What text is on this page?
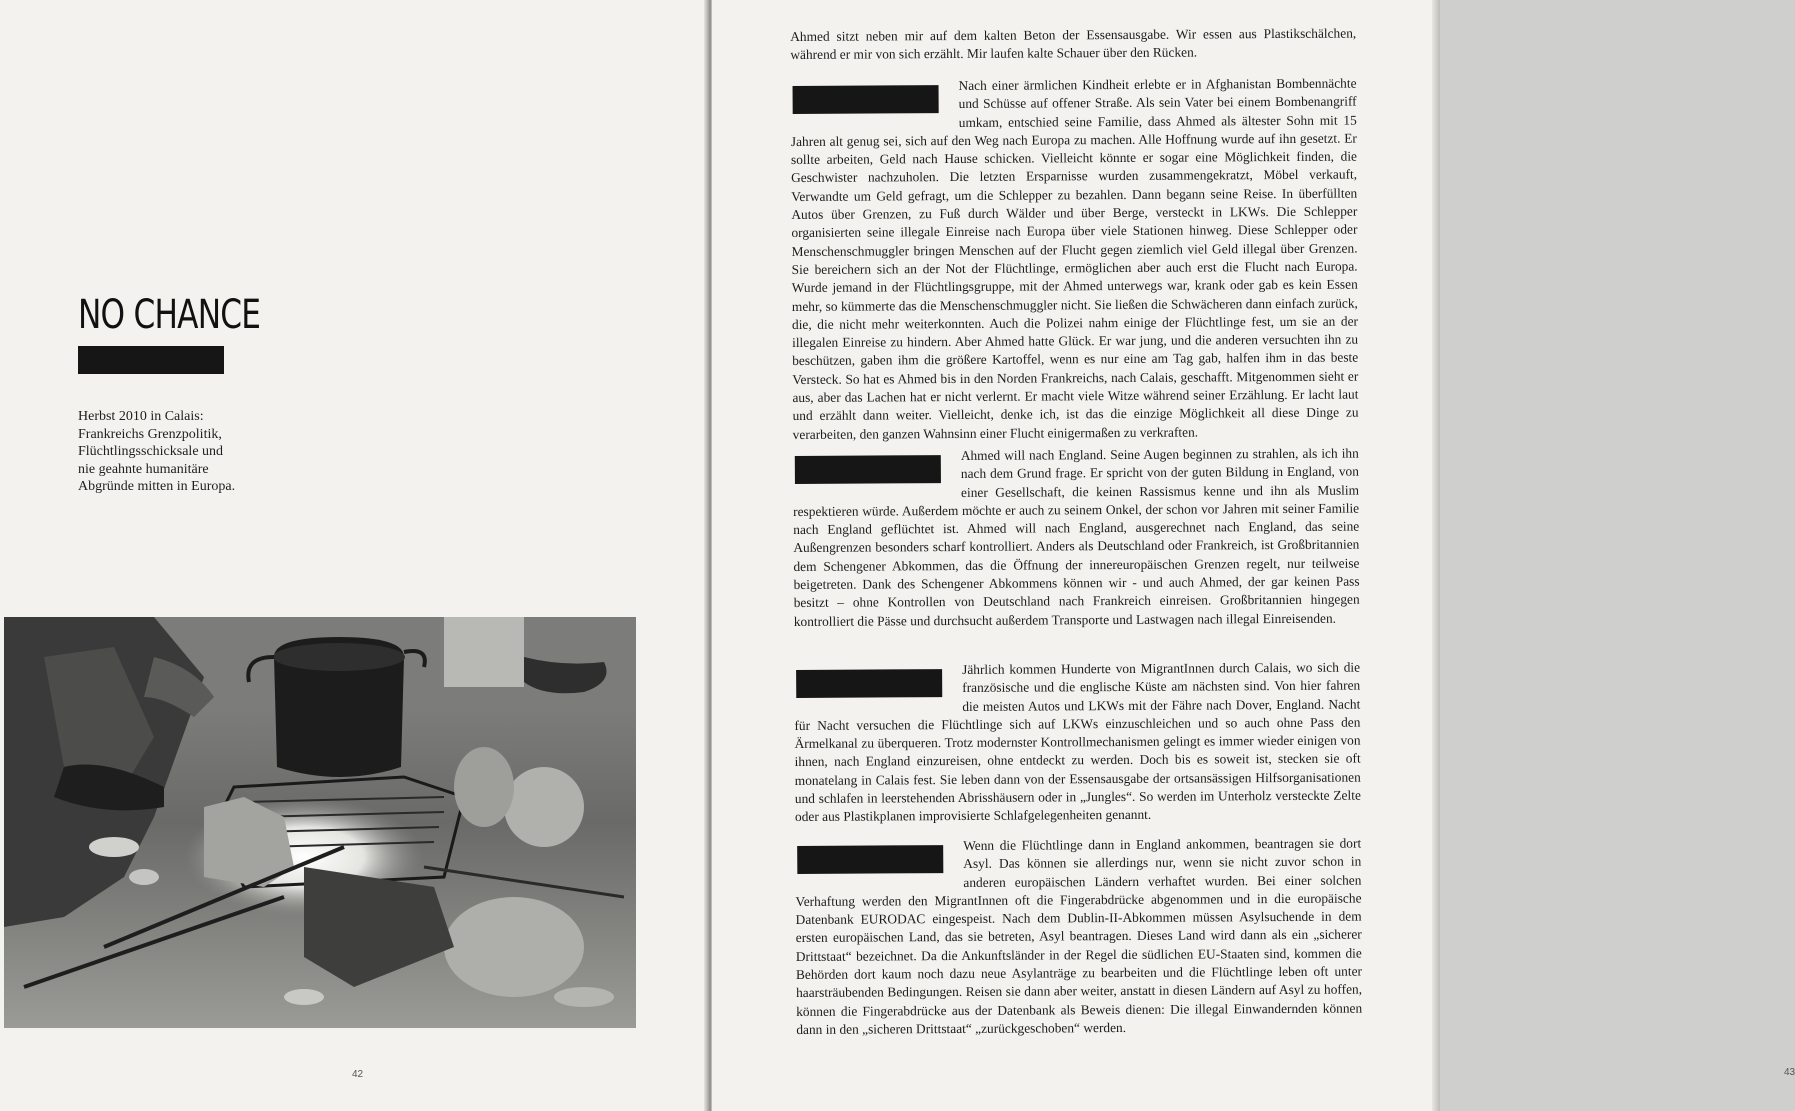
NO CHANCE
Herbst 2010 in Calais: Frankreichs Grenzpolitik, Flüchtlingsschicksale und nie geahnte humanitäre Abgründe mitten in Europa.
42	43

Ahmed sitzt neben mir auf dem kalten Beton der Essensausgabe. Wir essen aus Plastikschälchen, während er mir von sich erzählt. Mir laufen kalte Schauer über den Rücken.

Nach einer ärmlichen Kindheit erlebte er in Afghanistan Bombennächte und Schüsse auf offener Straße. Als sein Vater bei einem Bombenangriff umkam, entschied seine Familie, dass Ahmed als ältester Sohn mit 15 Jahren alt genug sei, sich auf den Weg nach Europa zu machen. Alle Hoffnung wurde auf ihn gesetzt. Er sollte arbeiten, Geld nach Hause schicken. Vielleicht könnte er sogar eine Möglichkeit finden, die Geschwister nachzuholen. Die letzten Ersparnisse wurden zusammengekratzt, Möbel verkauft, Verwandte um Geld gefragt, um die Schlepper zu bezahlen. Dann begann seine Reise. In überfüllten Autos über Grenzen, zu Fuß durch Wälder und über Berge, versteckt in LKWs. Die Schlepper organisierten seine illegale Einreise nach Europa über viele Stationen hinweg. Diese Schlepper oder Menschenschmuggler bringen Menschen auf der Flucht gegen ziemlich viel Geld illegal über Grenzen. Sie bereichern sich an der Not der Flüchtlinge, ermöglichen aber auch erst die Flucht nach Europa. Wurde jemand in der Flüchtlingsgruppe, mit der Ahmed unterwegs war, krank oder gab es kein Essen mehr, so kümmerte das die Menschenschmuggler nicht. Sie ließen die Schwächeren dann einfach zurück, die, die nicht mehr weiterkonnten. Auch die Polizei nahm einige der Flüchtlinge fest, um sie an der illegalen Einreise zu hindern. Aber Ahmed hatte Glück. Er war jung, und die anderen versuchten ihn zu beschützen, gaben ihm die größere Kartoffel, wenn es nur eine am Tag gab, halfen ihm in das beste Versteck. So hat es Ahmed bis in den Norden Frankreichs, nach Calais, geschafft. Mitgenommen sieht er aus, aber das Lachen hat er nicht verlernt. Er macht viele Witze während seiner Erzählung. Er lacht laut und erzählt dann weiter. Vielleicht, denke ich, ist das die einzige Möglichkeit all diese Dinge zu verarbeiten, den ganzen Wahnsinn einer Flucht einigermaßen zu verkraften.

Ahmed will nach England. Seine Augen beginnen zu strahlen, als ich ihn nach dem Grund frage. Er spricht von der guten Bildung in England, von einer Gesellschaft, die keinen Rassismus kenne und ihn als Muslim respektieren würde. Außerdem möchte er auch zu seinem Onkel, der schon vor Jahren mit seiner Familie nach England geflüchtet ist. Ahmed will nach England, ausgerechnet nach England, das seine Außengrenzen besonders scharf kontrolliert. Anders als Deutschland oder Frankreich, ist Großbritannien dem Schengener Abkommen, das die Öffnung der innereuropäischen Grenzen regelt, nur teilweise beigetreten. Dank des Schengener Abkommens können wir - und auch Ahmed, der gar keinen Pass besitzt – ohne Kontrollen von Deutschland nach Frankreich einreisen. Großbritannien hingegen kontrolliert die Pässe und durchsucht außerdem Transporte und Lastwagen nach illegal Einreisenden.

Jährlich kommen Hunderte von MigrantInnen durch Calais, wo sich die französische und die englische Küste am nächsten sind. Von hier fahren die meisten Autos und LKWs mit der Fähre nach Dover, England. Nacht für Nacht versuchen die Flüchtlinge sich auf LKWs einzuschleichen und so auch ohne Pass den Ärmelkanal zu überqueren. Trotz modernster Kontrollmechanismen gelingt es immer wieder einigen von ihnen, nach England einzureisen, ohne entdeckt zu werden. Doch bis es soweit ist, stecken sie oft monatelang in Calais fest. Sie leben dann von der Essensausgabe der ortsansässigen Hilfsorganisationen und schlafen in leerstehenden Abrisshäusern oder in „Jungles“. So werden im Unterholz versteckte Zelte oder aus Plastikplanen improvisierte Schlafgelegenheiten genannt.

Wenn die Flüchtlinge dann in England ankommen, beantragen sie dort Asyl. Das können sie allerdings nur, wenn sie nicht zuvor schon in anderen europäischen Ländern verhaftet wurden. Bei einer solchen Verhaftung werden den MigrantInnen oft die Fingerabdrücke abgenommen und in die europäische Datenbank EURODAC eingespeist. Nach dem Dublin-II-Abkommen müssen Asylsuchende in dem ersten europäischen Land, das sie betreten, Asyl beantragen. Dieses Land wird dann als ein „sicherer Drittstaat“ bezeichnet. Da die Ankunftsländer in der Regel die südlichen EU-Staaten sind, kommen die Behörden dort kaum noch dazu neue Asylanträge zu bearbeiten und die Flüchtlinge leben oft unter haarsträubenden Bedingungen. Reisen sie dann aber weiter, anstatt in diesen Ländern auf Asyl zu hoffen, können die Fingerabdrücke aus der Datenbank als Beweis dienen: Die illegal Einwandernden können dann in den „sicheren Drittstaat“ „zurückgeschoben“ werden.
